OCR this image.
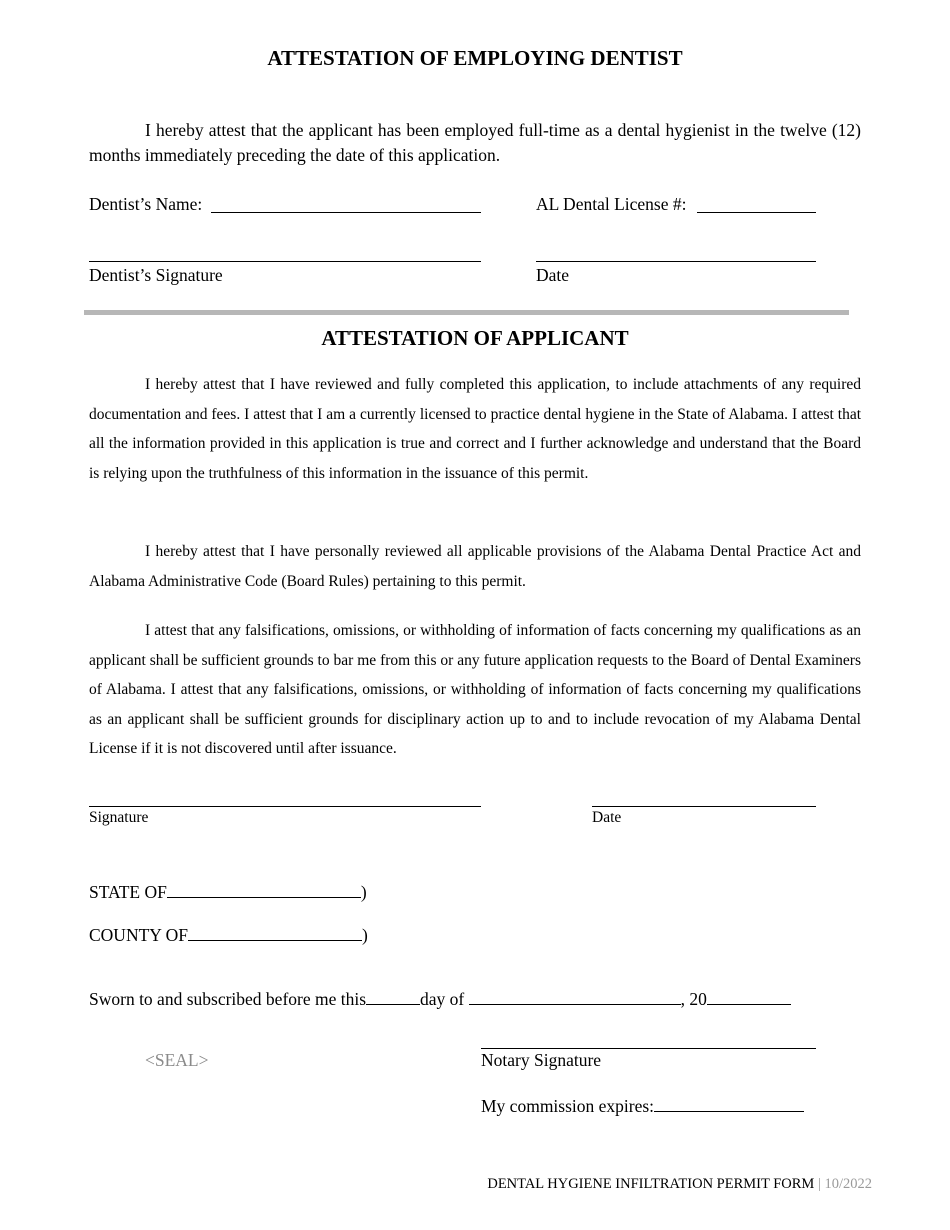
ATTESTATION OF EMPLOYING DENTIST
I hereby attest that the applicant has been employed full-time as a dental hygienist in the twelve (12) months immediately preceding the date of this application.
Dentist’s Name:	AL Dental License #:
Dentist’s Signature	Date
ATTESTATION OF APPLICANT
I hereby attest that I have reviewed and fully completed this application, to include attachments of any required documentation and fees. I attest that I am a currently licensed to practice dental hygiene in the State of Alabama. I attest that all the information provided in this application is true and correct and I further acknowledge and understand that the Board is relying upon the truthfulness of this information in the issuance of this permit.
I hereby attest that I have personally reviewed all applicable provisions of the Alabama Dental Practice Act and Alabama Administrative Code (Board Rules) pertaining to this permit.
I attest that any falsifications, omissions, or withholding of information of facts concerning my qualifications as an applicant shall be sufficient grounds to bar me from this or any future application requests to the Board of Dental Examiners of Alabama. I attest that any falsifications, omissions, or withholding of information of facts concerning my qualifications as an applicant shall be sufficient grounds for disciplinary action up to and to include revocation of my Alabama Dental License if it is not discovered until after issuance.
Signature	Date
STATE OF	)
COUNTY OF	)
Sworn to and subscribed before me this	day of	, 20
<SEAL>	Notary Signature
My commission expires:
DENTAL HYGIENE INFILTRATION PERMIT FORM | 10/2022
